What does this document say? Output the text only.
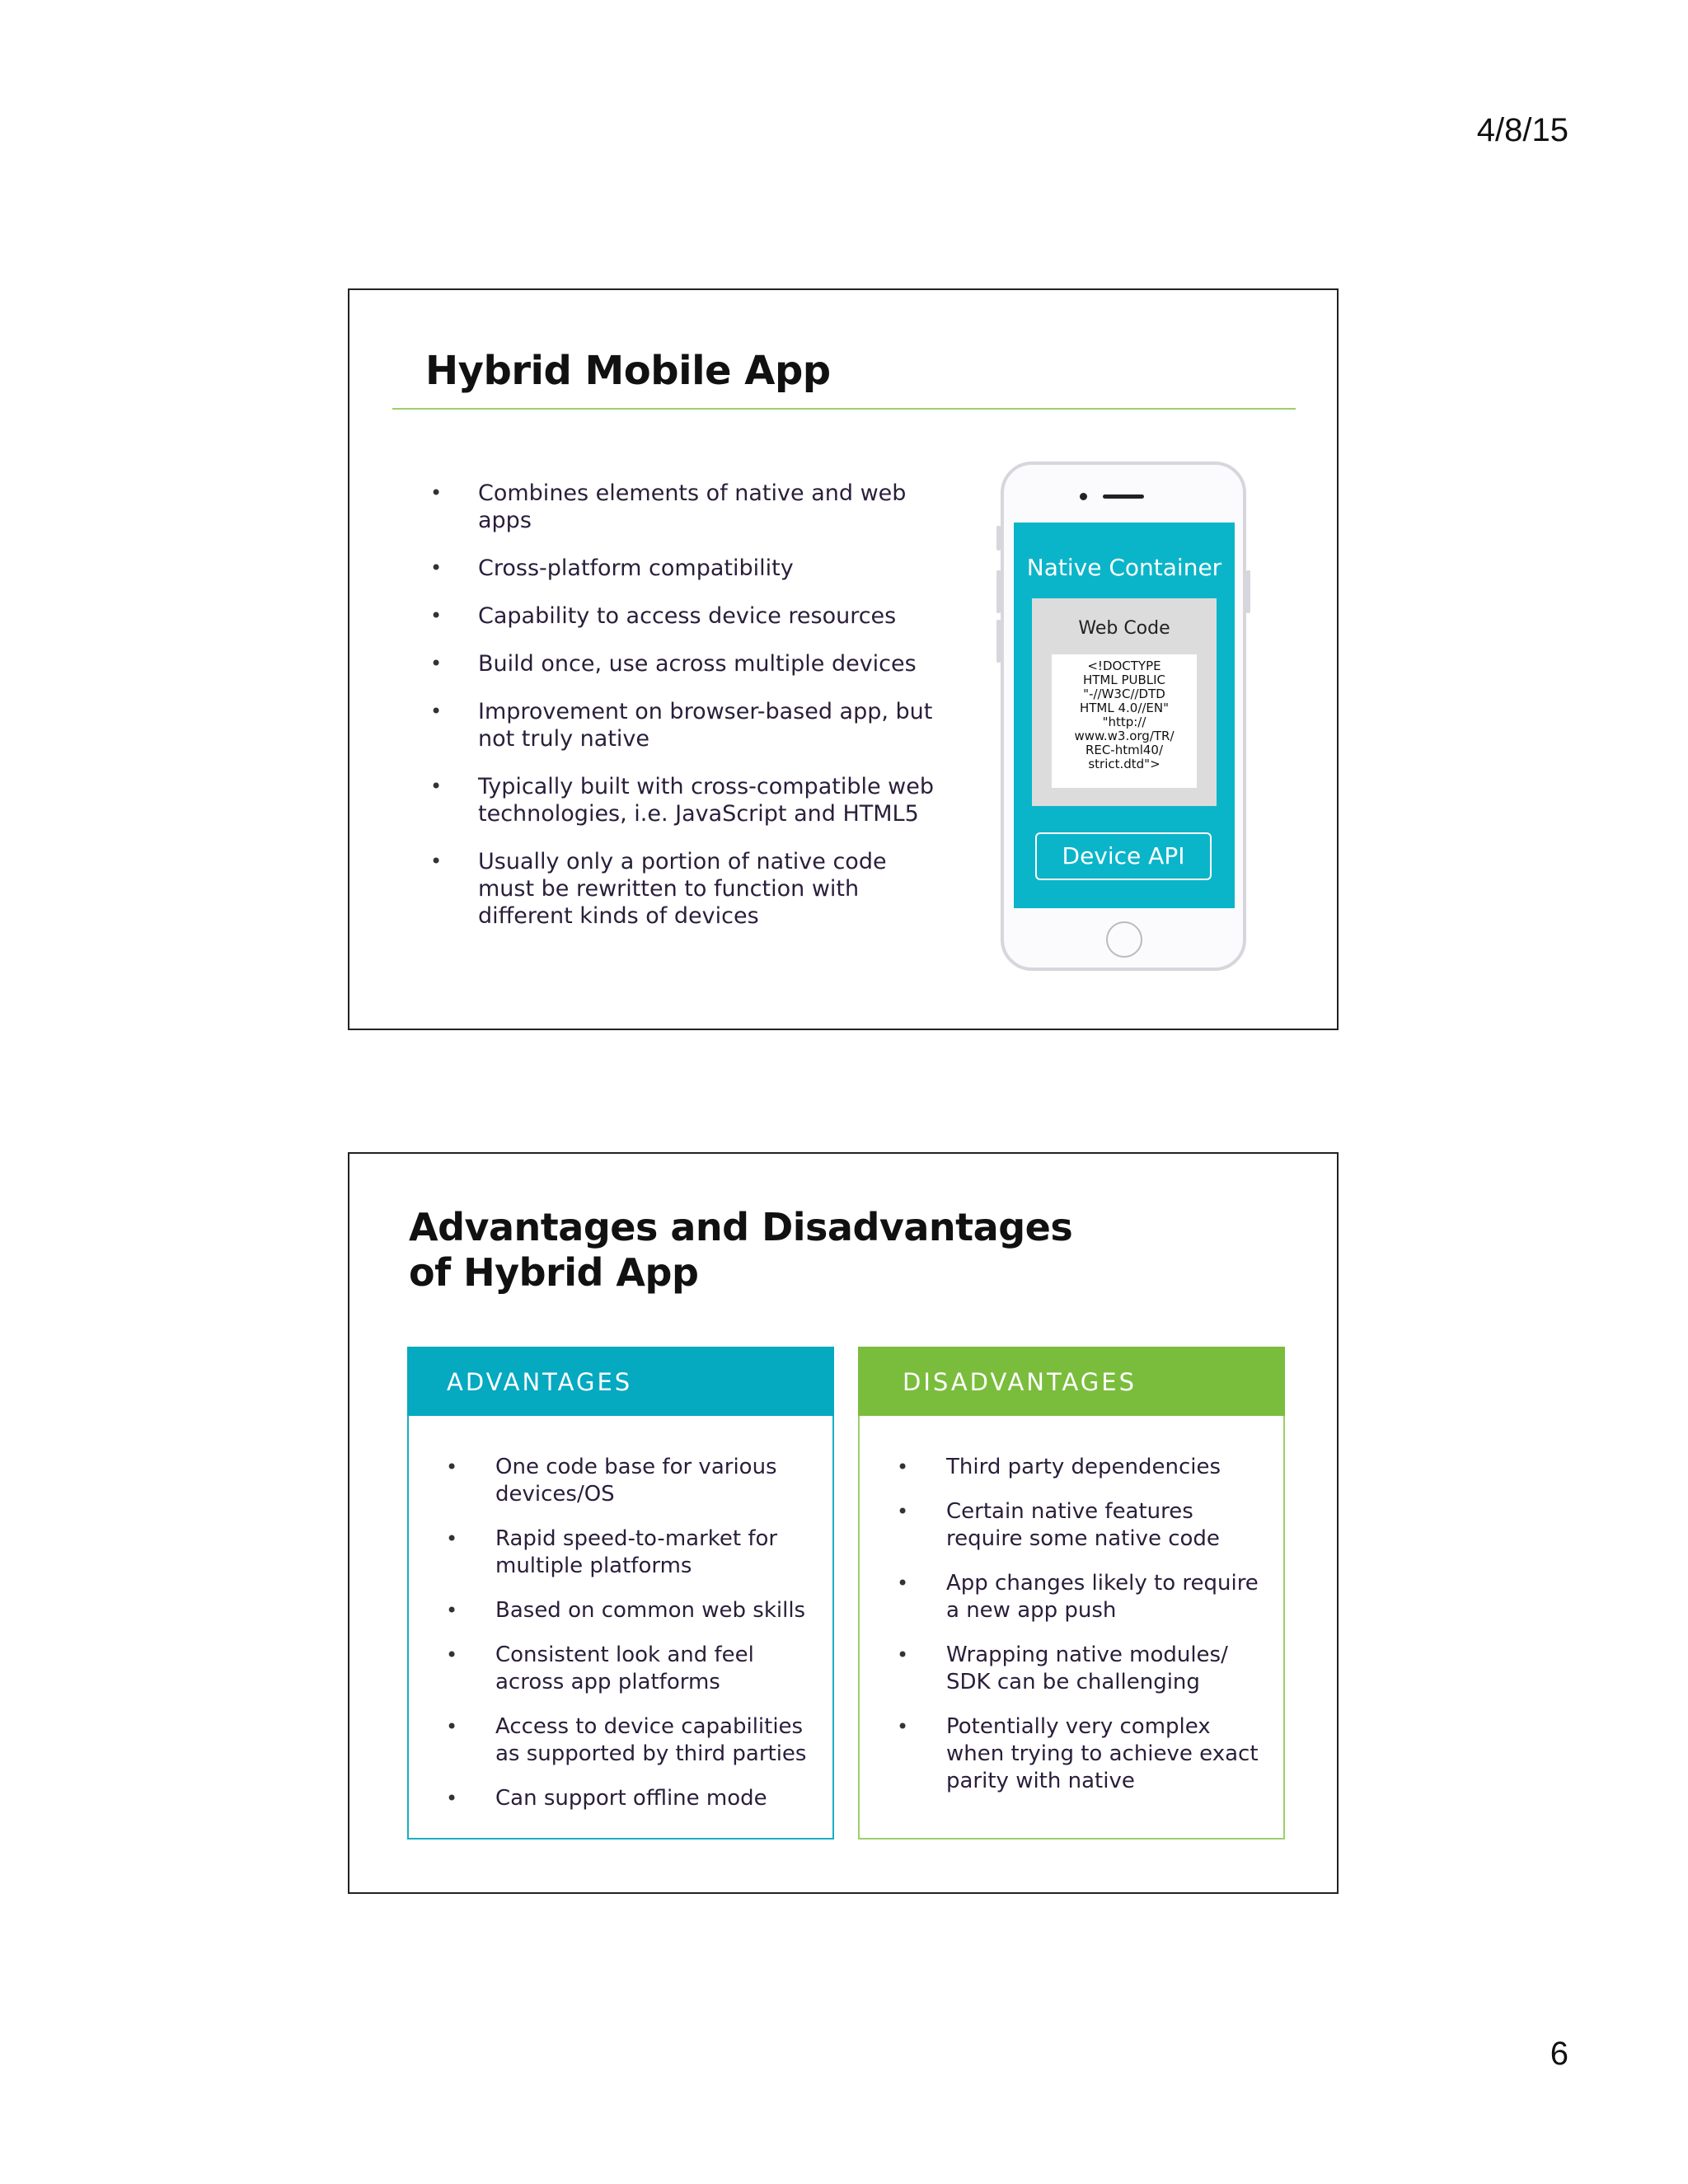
4/8/15
Hybrid Mobile App
• Combines elements of native and web apps
• Cross-platform compatibility
• Capability to access device resources
• Build once, use across multiple devices
• Improvement on browser-based app, but not truly native
• Typically built with cross-compatible web technologies, i.e. JavaScript and HTML5
• Usually only a portion of native code must be rewritten to function with different kinds of devices
Native Container
Web Code
<!DOCTYPE
HTML PUBLIC
"-//W3C//DTD
HTML 4.0//EN"
"http://
www.w3.org/TR/
REC-html40/
strict.dtd">
Device API
Advantages and Disadvantages
of Hybrid App
ADVANTAGES
• One code base for various devices/OS
• Rapid speed-to-market for multiple platforms
• Based on common web skills
• Consistent look and feel across app platforms
• Access to device capabilities as supported by third parties
• Can support offline mode
DISADVANTAGES
• Third party dependencies
• Certain native features require some native code
• App changes likely to require a new app push
• Wrapping native modules/ SDK can be challenging
• Potentially very complex when trying to achieve exact parity with native
6
